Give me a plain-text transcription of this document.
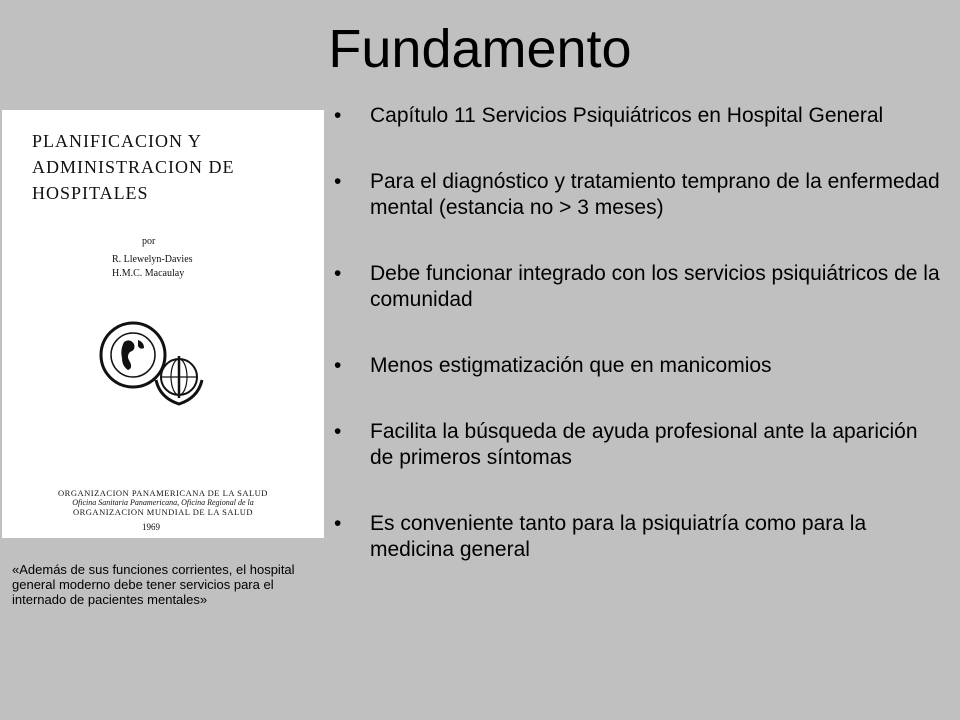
Fundamento
PLANIFICACION Y
ADMINISTRACION DE
HOSPITALES
por
R. Llewelyn-Davies
H.M.C. Macaulay
ORGANIZACION PANAMERICANA DE LA SALUD
Oficina Sanitaria Panamericana, Oficina Regional de la
ORGANIZACION MUNDIAL DE LA SALUD
1969

«Además de sus funciones corrientes, el hospital general moderno debe tener servicios para el internado de pacientes mentales»

• Capítulo 11 Servicios Psiquiátricos en Hospital General
• Para el diagnóstico y tratamiento temprano de la enfermedad mental (estancia no > 3 meses)
• Debe funcionar integrado con los servicios psiquiátricos de la comunidad
• Menos estigmatización que en manicomios
• Facilita la búsqueda de ayuda profesional ante la aparición de primeros síntomas
• Es conveniente tanto para la psiquiatría como para la medicina general
